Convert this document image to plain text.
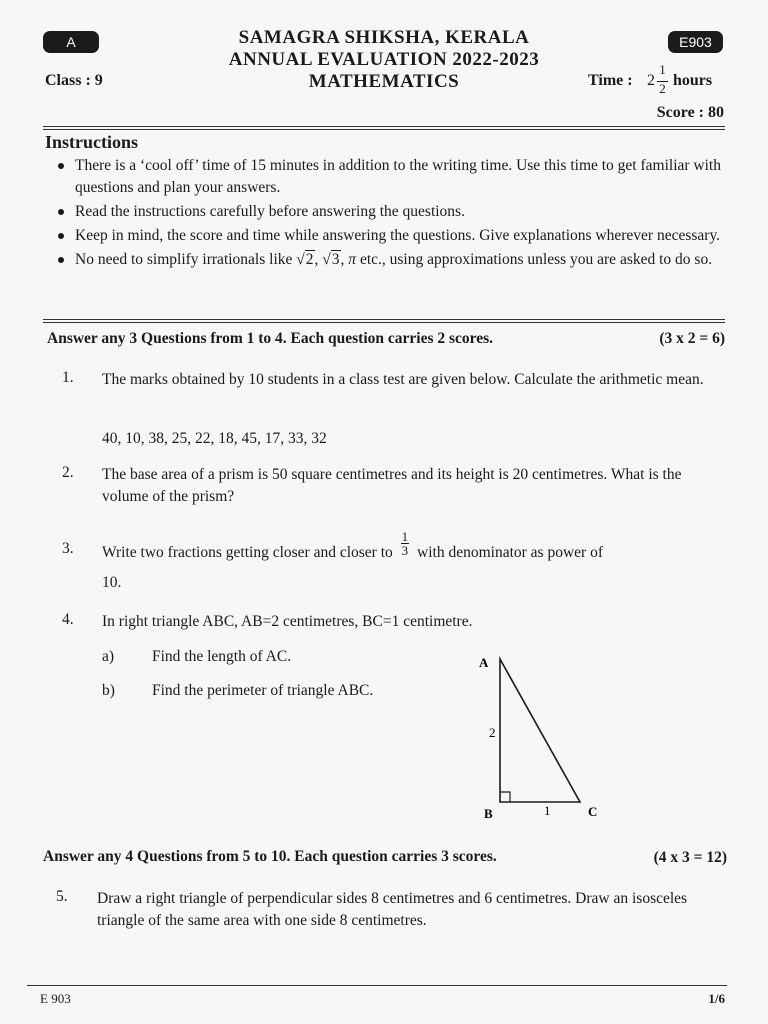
A	E903
SAMAGRA SHIKSHA, KERALA
ANNUAL EVALUATION 2022-2023
MATHEMATICS
Class : 9	Time : 2
1
2 hours
Score : 80
Instructions
There is a ‘cool off’ time of 15 minutes in addition to the writing time. Use this time to get familiar with questions and plan your answers.
Read the instructions carefully before answering the questions.
Keep in mind, the score and time while answering the questions. Give explanations wherever necessary.
No need to simplify irrationals like √2, √3, π etc., using approximations unless you are asked to do so.
Answer any 3 Questions from 1 to 4. Each question carries 2 scores.	(3 x 2 = 6)
1. The marks obtained by 10 students in a class test are given below. Calculate the arithmetic mean.
40, 10, 38, 25, 22, 18, 45, 17, 33, 32
2. The base area of a prism is 50 square centimetres and its height is 20 centimetres. What is the volume of the prism?
3. Write two fractions getting closer and closer to $\frac{1}{3}$ with denominator as power of
10.
4. In right triangle ABC, AB=2 centimetres, BC=1 centimetre.
a) Find the length of AC.
b) Find the perimeter of triangle ABC.
A
B	C
2
1
Answer any 4 Questions from 5 to 10. Each question carries 3 scores.	(4 x 3 = 12)
5. Draw a right triangle of perpendicular sides 8 centimetres and 6 centimetres. Draw an isosceles triangle of the same area with one side 8 centimetres.
E 903	1/6
